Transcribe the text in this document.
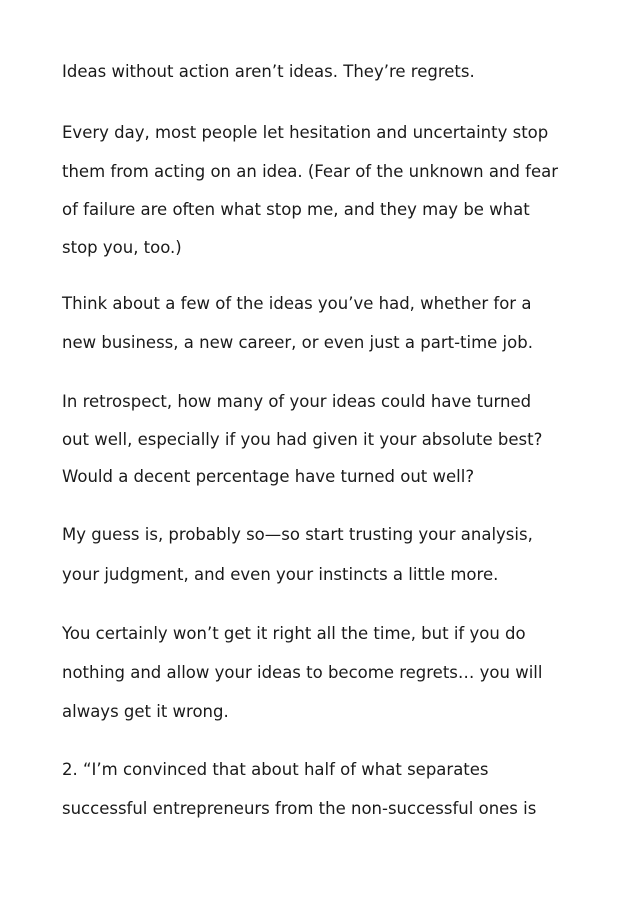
Ideas without action aren’t ideas. They’re regrets.

Every day, most people let hesitation and uncertainty stop

them from acting on an idea. (Fear of the unknown and fear

of failure are often what stop me, and they may be what

stop you, too.)

Think about a few of the ideas you’ve had, whether for a

new business, a new career, or even just a part-time job.

In retrospect, how many of your ideas could have turned

out well, especially if you had given it your absolute best?

Would a decent percentage have turned out well?

My guess is, probably so—so start trusting your analysis,

your judgment, and even your instincts a little more.

You certainly won’t get it right all the time, but if you do

nothing and allow your ideas to become regrets… you will

always get it wrong.

2. “I’m convinced that about half of what separates

successful entrepreneurs from the non-successful ones is
